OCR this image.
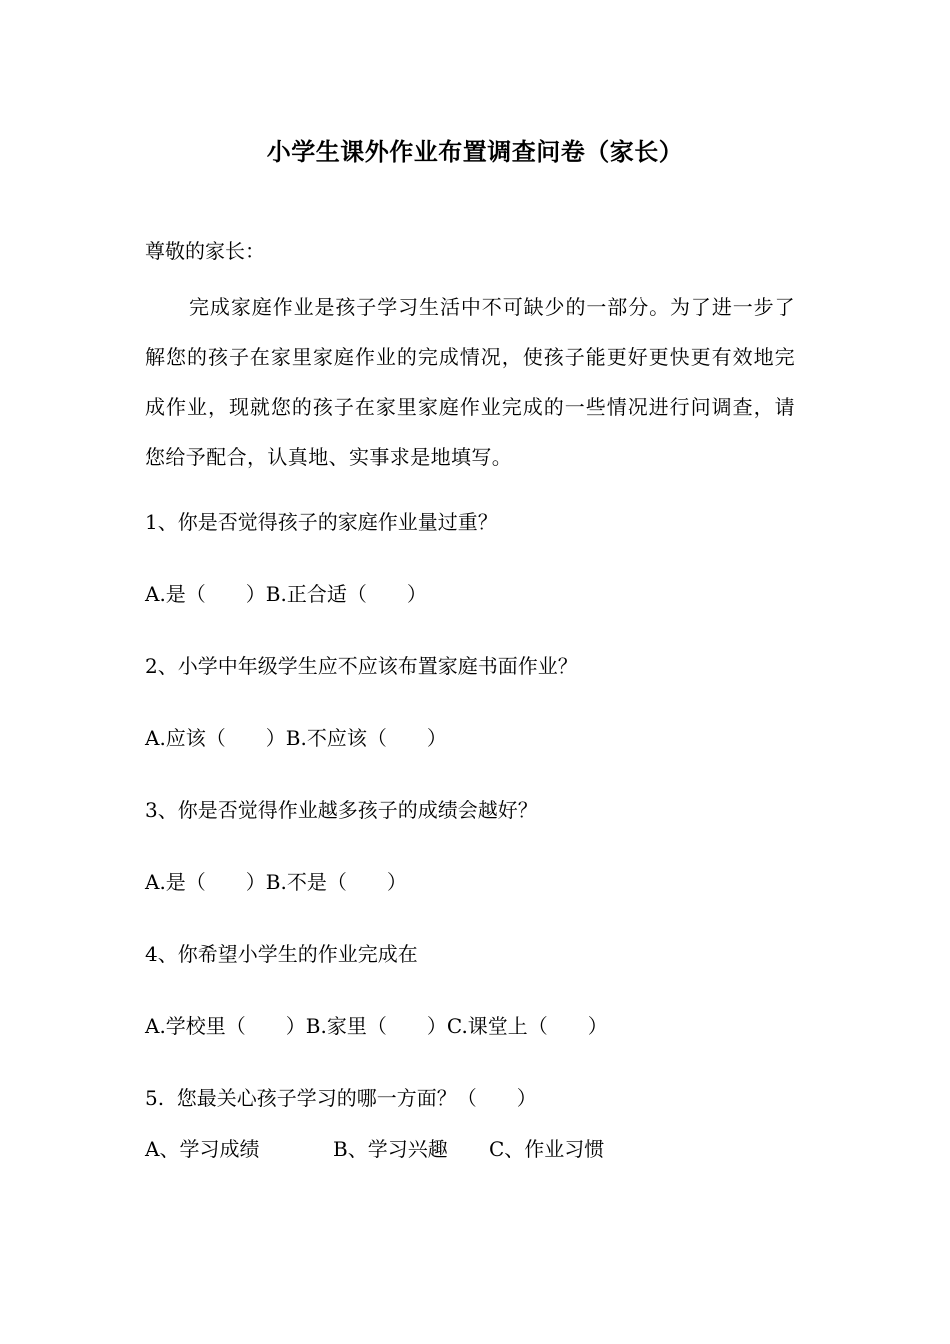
小学生课外作业布置调查问卷（家长）
尊敬的家长：

完成家庭作业是孩子学习生活中不可缺少的一部分。为了进一步了解您的孩子在家里家庭作业的完成情况，使孩子能更好更快更有效地完成作业，现就您的孩子在家里家庭作业完成的一些情况进行问调查，请您给予配合，认真地、实事求是地填写。

1、你是否觉得孩子的家庭作业量过重？
A.是（　　）B.正合适（　　）
2、小学中年级学生应不应该布置家庭书面作业？
A.应该（　　）B.不应该（　　）
3、你是否觉得作业越多孩子的成绩会越好？
A.是（　　）B.不是（　　）
4、你希望小学生的作业完成在
A.学校里（　　）B.家里（　　）C.课堂上（　　）
5.  您最关心孩子学习的哪一方面？（　　）
A、学习成绩	B、学习兴趣	C、作业习惯
